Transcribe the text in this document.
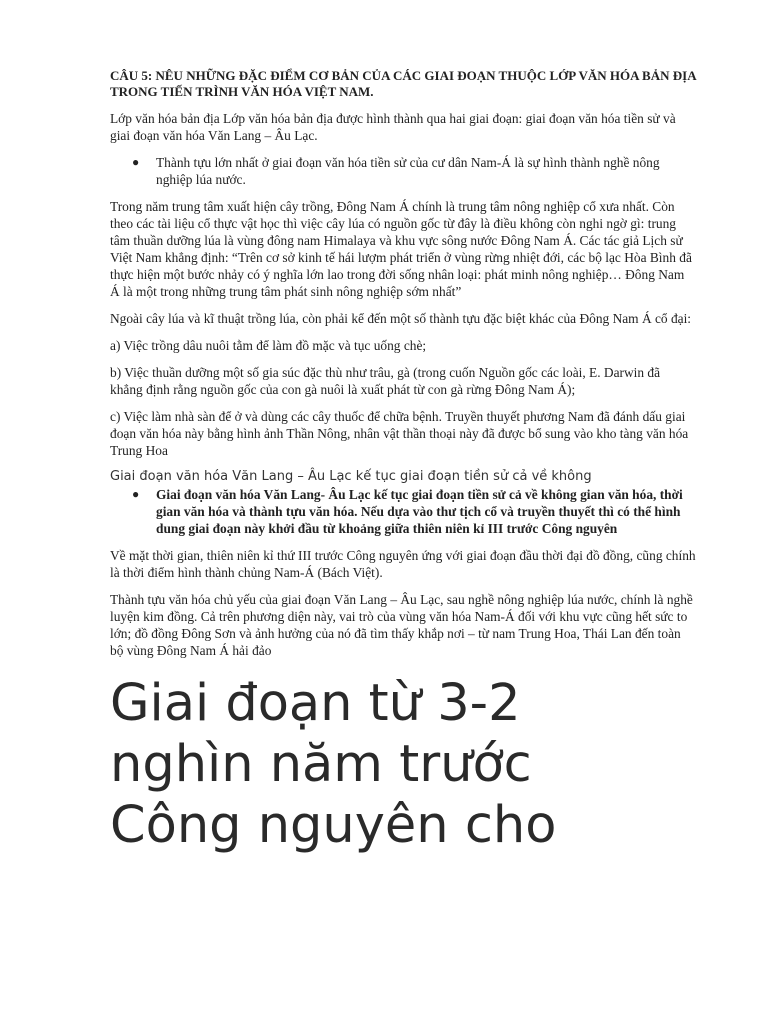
CÂU 5: NÊU NHỮNG ĐẶC ĐIỂM CƠ BẢN CỦA CÁC GIAI ĐOẠN THUỘC LỚP VĂN HÓA BẢN ĐỊA TRONG TIẾN TRÌNH VĂN HÓA VIỆT NAM.

Lớp văn hóa bản địa Lớp văn hóa bản địa được hình thành qua hai giai đoạn: giai đoạn văn hóa tiền sử và giai đoạn văn hóa Văn Lang – Âu Lạc.

● Thành tựu lớn nhất ở giai đoạn văn hóa tiền sử của cư dân Nam-Á là sự hình thành nghề nông nghiệp lúa nước.

Trong năm trung tâm xuất hiện cây trồng, Đông Nam Á chính là trung tâm nông nghiệp cổ xưa nhất. Còn theo các tài liệu cổ thực vật học thì việc cây lúa có nguồn gốc từ đây là điều không còn nghi ngờ gì: trung tâm thuần dưỡng lúa là vùng đông nam Himalaya và khu vực sông nước Đông Nam Á. Các tác giả Lịch sử Việt Nam khẳng định: “Trên cơ sở kinh tế hái lượm phát triển ở vùng rừng nhiệt đới, các bộ lạc Hòa Bình đã thực hiện một bước nhảy có ý nghĩa lớn lao trong đời sống nhân loại: phát minh nông nghiệp… Đông Nam Á là một trong những trung tâm phát sinh nông nghiệp sớm nhất”

Ngoài cây lúa và kĩ thuật trồng lúa, còn phải kể đến một số thành tựu đặc biệt khác của Đông Nam Á cổ đại:

a) Việc trồng dâu nuôi tằm để làm đồ mặc và tục uống chè;

b) Việc thuần dưỡng một số gia súc đặc thù như trâu, gà (trong cuốn Nguồn gốc các loài, E. Darwin đã khẳng định rằng nguồn gốc của con gà nuôi là xuất phát từ con gà rừng Đông Nam Á);

c) Việc làm nhà sàn để ở và dùng các cây thuốc để chữa bệnh. Truyền thuyết phương Nam đã đánh dấu giai đoạn văn hóa này bằng hình ảnh Thần Nông, nhân vật thần thoại này đã được bổ sung vào kho tàng văn hóa Trung Hoa

Giai đoạn văn hóa Văn Lang – Âu Lạc kế tục giai đoạn tiền sử cả về không
● Giai đoạn văn hóa Văn Lang- Âu Lạc kế tục giai đoạn tiền sử cả về không gian văn hóa, thời gian văn hóa và thành tựu văn hóa. Nếu dựa vào thư tịch cổ và truyền thuyết thì có thể hình dung giai đoạn này khởi đầu từ khoảng giữa thiên niên kỉ III trước Công nguyên

Về mặt thời gian, thiên niên kỉ thứ III trước Công nguyên ứng với giai đoạn đầu thời đại đồ đồng, cũng chính là thời điểm hình thành chủng Nam-Á (Bách Việt).

Thành tựu văn hóa chủ yếu của giai đoạn Văn Lang – Âu Lạc, sau nghề nông nghiệp lúa nước, chính là nghề luyện kim đồng. Cả trên phương diện này, vai trò của vùng văn hóa Nam-Á đối với khu vực cũng hết sức to lớn; đồ đồng Đông Sơn và ảnh hưởng của nó đã tìm thấy khắp nơi – từ nam Trung Hoa, Thái Lan đến toàn bộ vùng Đông Nam Á hải đảo

Giai đoạn từ 3-2 nghìn năm trước Công nguyên cho
